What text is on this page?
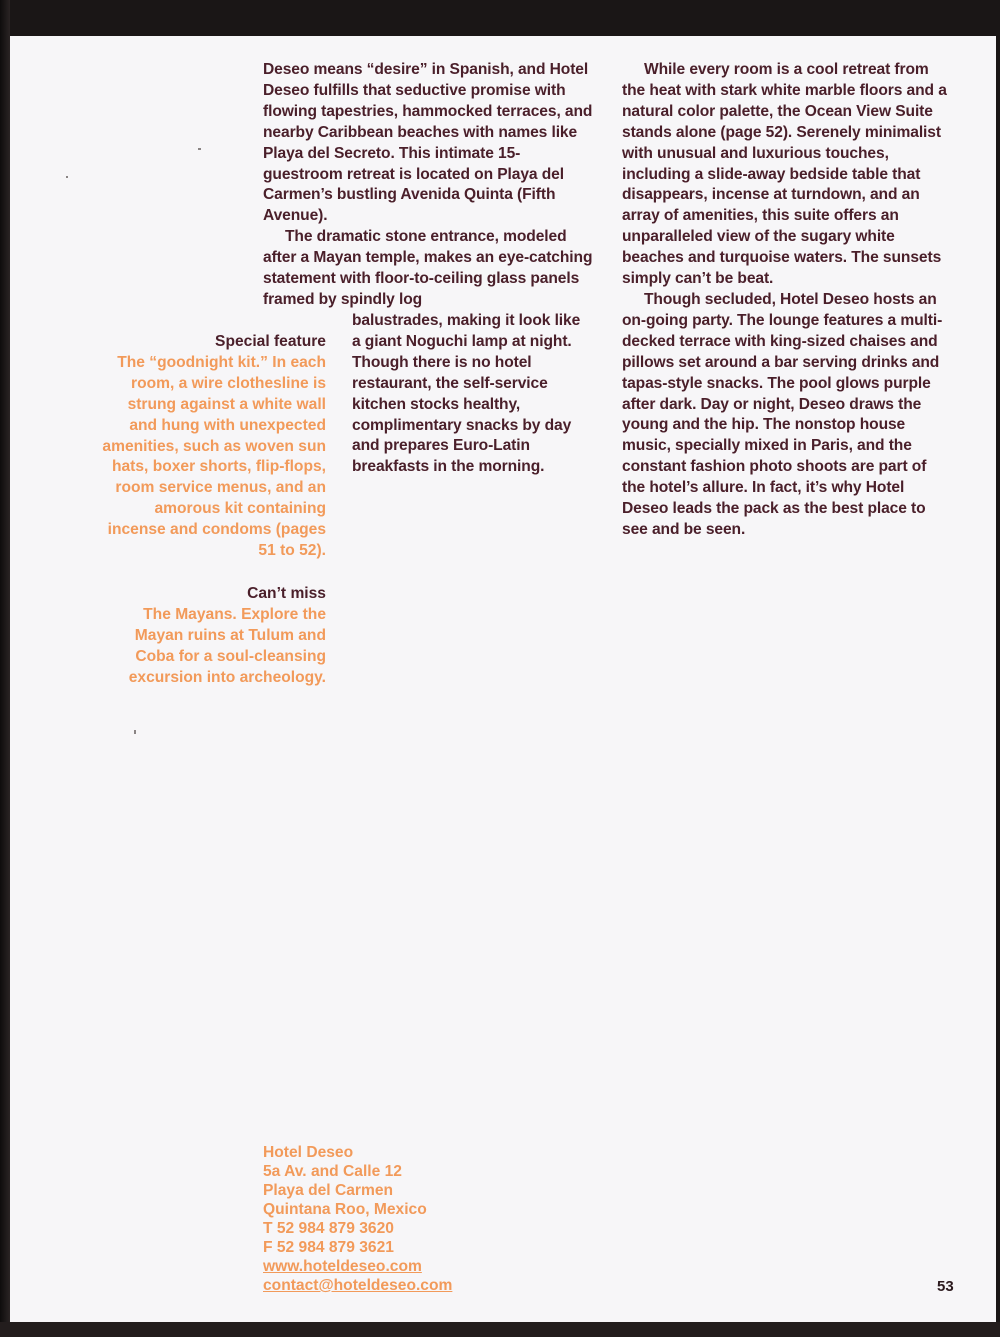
Deseo means “desire” in Spanish, and Hotel Deseo fulfills that seductive promise with flowing tapestries, hammocked terraces, and nearby Caribbean beaches with names like Playa del Secreto. This intimate 15-guestroom retreat is located on Playa del Carmen’s bustling Avenida Quinta (Fifth Avenue).

The dramatic stone entrance, modeled after a Mayan temple, makes an eye-catching statement with floor-to-ceiling glass panels framed by spindly log

balustrades, making it look like a giant Noguchi lamp at night. Though there is no hotel restaurant, the self-service kitchen stocks healthy, complimentary snacks by day and prepares Euro-Latin breakfasts in the morning.

While every room is a cool retreat from the heat with stark white marble floors and a natural color palette, the Ocean View Suite stands alone (page 52). Serenely minimalist with unusual and luxurious touches, including a slide-away bedside table that disappears, incense at turndown, and an array of amenities, this suite offers an unparalleled view of the sugary white beaches and turquoise waters. The sunsets simply can’t be beat.

Though secluded, Hotel Deseo hosts an on-going party. The lounge features a multi-decked terrace with king-sized chaises and pillows set around a bar serving drinks and tapas-style snacks. The pool glows purple after dark. Day or night, Deseo draws the young and the hip. The nonstop house music, specially mixed in Paris, and the constant fashion photo shoots are part of the hotel’s allure. In fact, it’s why Hotel Deseo leads the pack as the best place to see and be seen.

Special feature
The “goodnight kit.” In each room, a wire clothesline is strung against a white wall and hung with unexpected amenities, such as woven sun hats, boxer shorts, flip-flops, room service menus, and an amorous kit containing incense and condoms (pages 51 to 52).
Can’t miss
The Mayans. Explore the Mayan ruins at Tulum and Coba for a soul-cleansing excursion into archeology.
Hotel Deseo
5a Av. and Calle 12
Playa del Carmen
Quintana Roo, Mexico
T 52 984 879 3620
F 52 984 879 3621
www.hoteldeseo.com
contact@hoteldeseo.com	53
